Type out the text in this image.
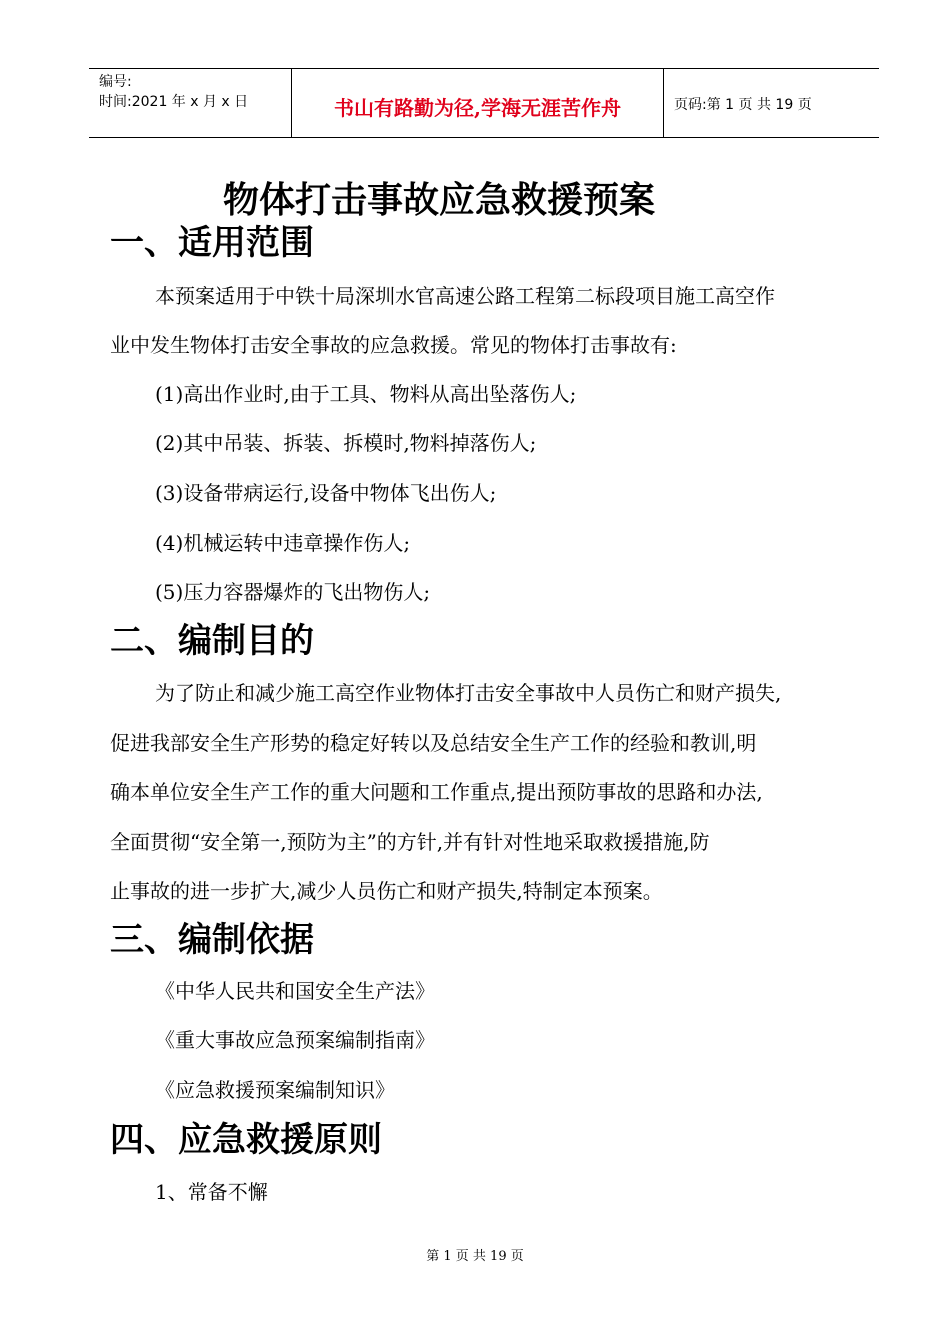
编号:
时间:2021 年 x 月 x 日	书山有路勤为径,学海无涯苦作舟	页码:第 1 页 共 19 页
物体打击事故应急救援预案
一、适用范围
本预案适用于中铁十局深圳水官高速公路工程第二标段项目施工高空作
业中发生物体打击安全事故的应急救援。常见的物体打击事故有:
(1)高出作业时,由于工具、物料从高出坠落伤人;
(2)其中吊装、拆装、拆模时,物料掉落伤人;
(3)设备带病运行,设备中物体飞出伤人;
(4)机械运转中违章操作伤人;
(5)压力容器爆炸的飞出物伤人;
二、编制目的
为了防止和减少施工高空作业物体打击安全事故中人员伤亡和财产损失,
促进我部安全生产形势的稳定好转以及总结安全生产工作的经验和教训,明
确本单位安全生产工作的重大问题和工作重点,提出预防事故的思路和办法,
全面贯彻“安全第一,预防为主”的方针,并有针对性地采取救援措施,防
止事故的进一步扩大,减少人员伤亡和财产损失,特制定本预案。
三、编制依据
《中华人民共和国安全生产法》
《重大事故应急预案编制指南》
《应急救援预案编制知识》
四、应急救援原则
1、常备不懈
第 1 页 共 19 页
